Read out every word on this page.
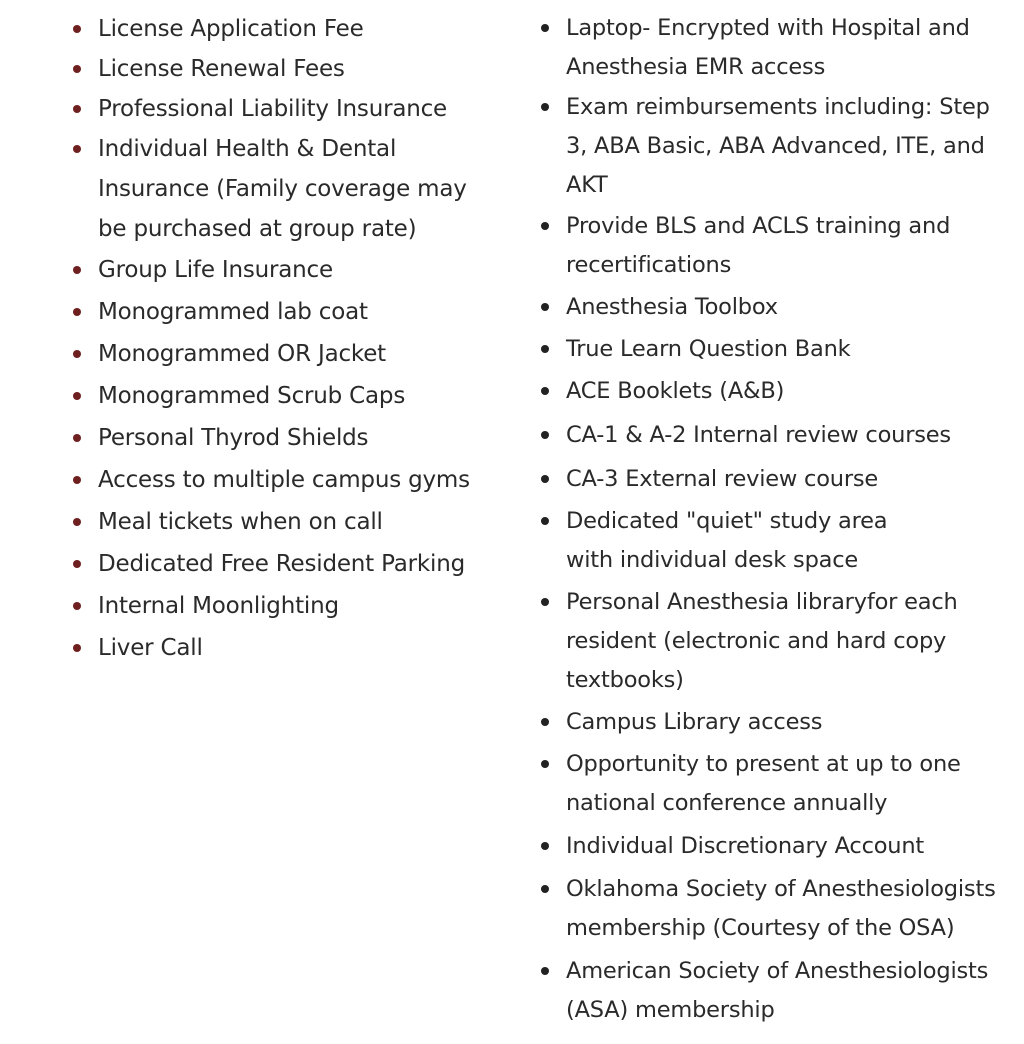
License Application Fee
License Renewal Fees
Professional Liability Insurance
Individual Health & Dental Insurance (Family coverage may be purchased at group rate)
Group Life Insurance
Monogrammed lab coat
Monogrammed OR Jacket
Monogrammed Scrub Caps
Personal Thyrod Shields
Access to multiple campus gyms
Meal tickets when on call
Dedicated Free Resident Parking
Internal Moonlighting
Liver Call
Laptop- Encrypted with Hospital and Anesthesia EMR access
Exam reimbursements including: Step 3, ABA Basic, ABA Advanced, ITE, and AKT
Provide BLS and ACLS training and recertifications
Anesthesia Toolbox
True Learn Question Bank
ACE Booklets (A&B)
CA-1 & A-2 Internal review courses
CA-3 External review course
Dedicated "quiet" study area with individual desk space
Personal Anesthesia libraryfor each resident (electronic and hard copy textbooks)
Campus Library access
Opportunity to present at up to one national conference annually
Individual Discretionary Account
Oklahoma Society of Anesthesiologists membership (Courtesy of the OSA)
American Society of Anesthesiologists (ASA) membership
